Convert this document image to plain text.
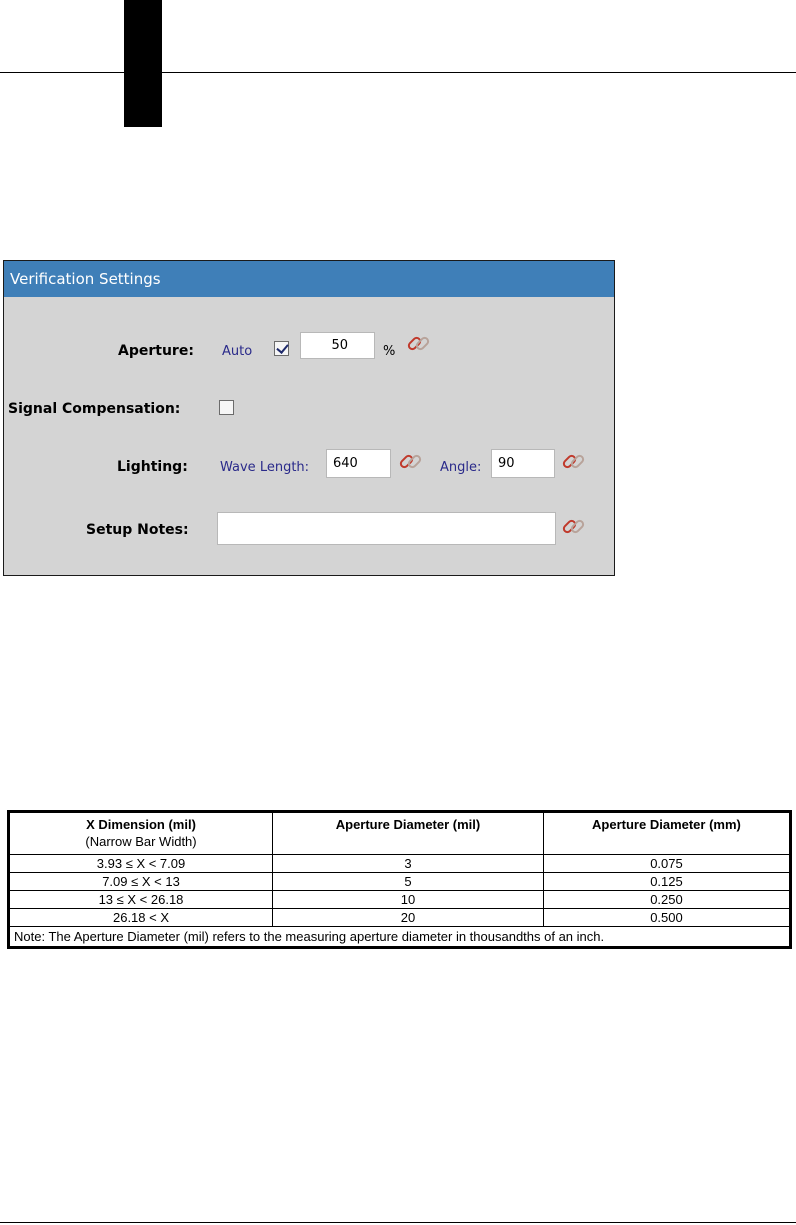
Verification Settings
Aperture: Auto
50	%
Signal Compensation:
Lighting: Wave Length:
640	Angle:
90
Setup Notes:
X Dimension (mil)
(Narrow Bar Width)	Aperture Diameter (mil)	Aperture Diameter (mm)
3.93 ≤ X < 7.09	3	0.075
7.09 ≤ X < 13	5	0.125
13 ≤ X < 26.18	10	0.250
26.18 < X	20	0.500
Note: The Aperture Diameter (mil) refers to the measuring aperture diameter in thousandths of an inch.		
